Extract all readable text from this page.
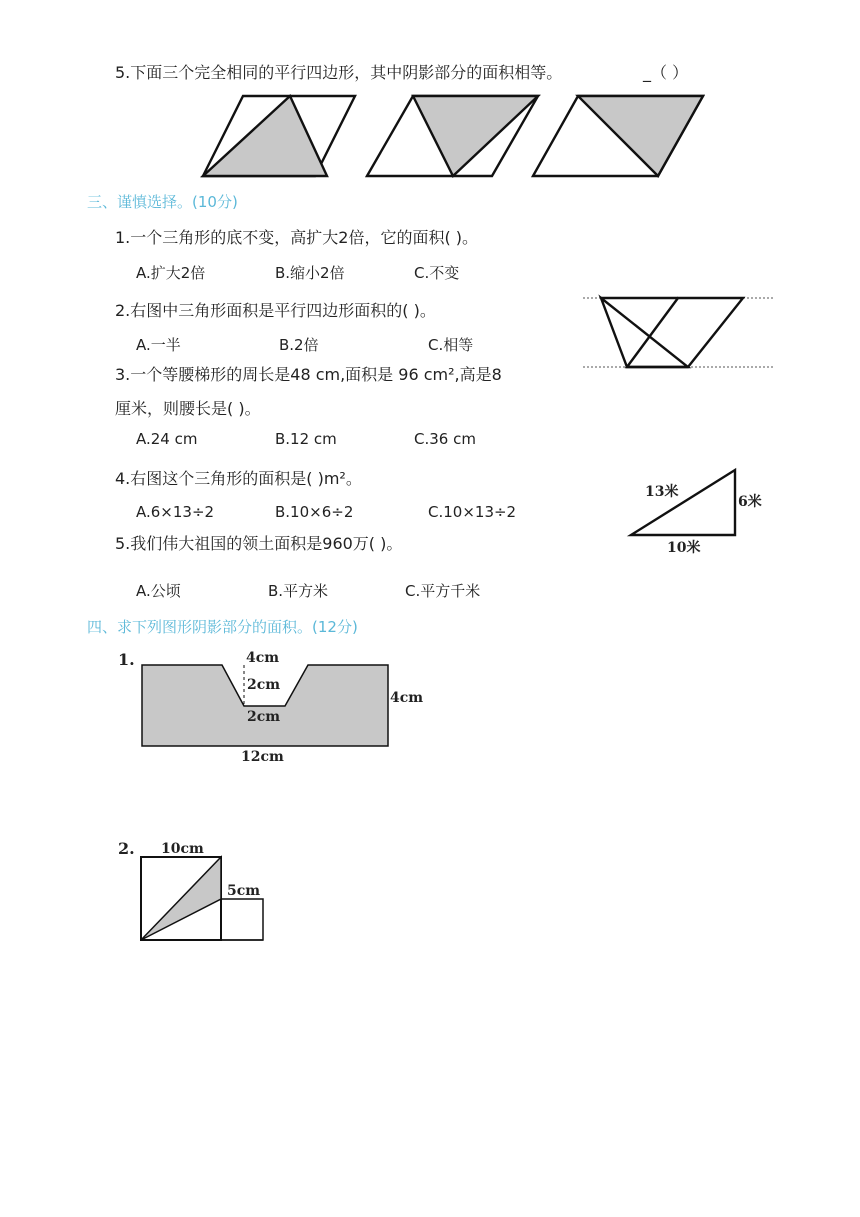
5.下面三个完全相同的平行四边形，其中阴影部分的面积相等。	_（ ）
三、谨慎选择。(10分)
1.一个三角形的底不变，高扩大2倍，它的面积( )。
A.扩大2倍	B.缩小2倍	C.不变
2.右图中三角形面积是平行四边形面积的( )。
A.一半	B.2倍	C.相等
3.一个等腰梯形的周长是48 cm,面积是 96 cm²,高是8
厘米，则腰长是( )。
A.24 cm	B.12 cm	C.36 cm
4.右图这个三角形的面积是( )m²。
A.6×13÷2	B.10×6÷2	C.10×13÷2
13米
6米
10米
5.我们伟大祖国的领土面积是960万( )。
A.公顷	B.平方米	C.平方千米
四、求下列图形阴影部分的面积。(12分)
1.	4cm
2cm
2cm
4cm
12cm
2. 10cm
5cm
